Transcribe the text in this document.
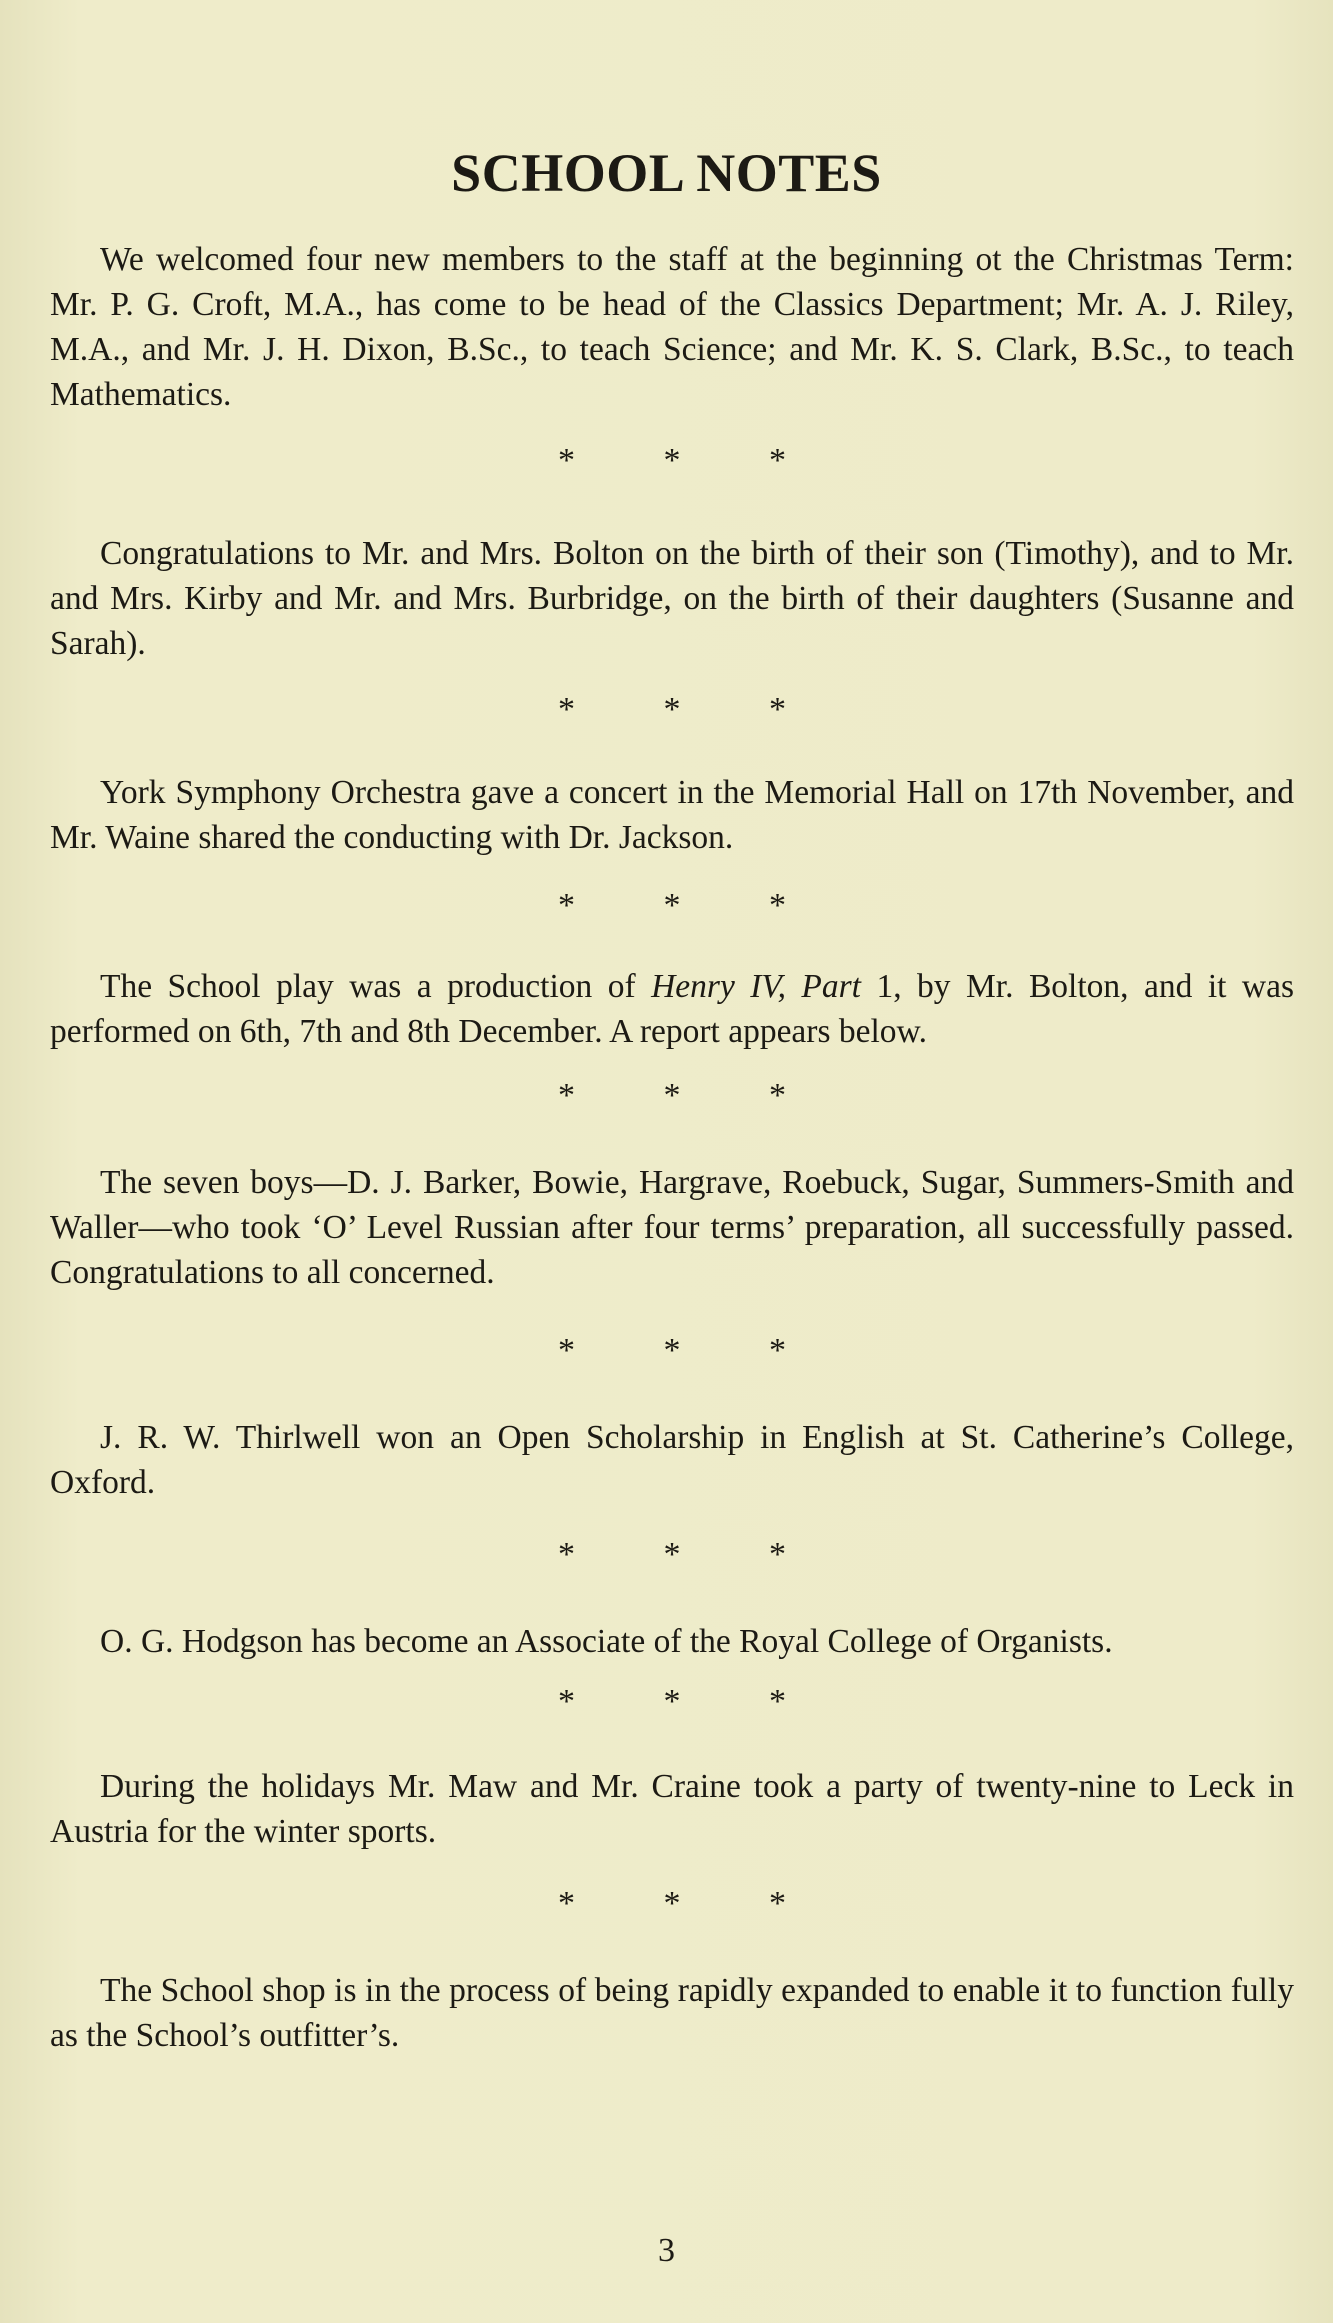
SCHOOL NOTES

We welcomed four new members to the staff at the beginning ot the Christmas Term: Mr. P. G. Croft, M.A., has come to be head of the Classics Department; Mr. A. J. Riley, M.A., and Mr. J. H. Dixon, B.Sc., to teach Science; and Mr. K. S. Clark, B.Sc., to teach Mathematics.

* * *

Congratulations to Mr. and Mrs. Bolton on the birth of their son (Timothy), and to Mr. and Mrs. Kirby and Mr. and Mrs. Burbridge, on the birth of their daughters (Susanne and Sarah).

* * *

York Symphony Orchestra gave a concert in the Memorial Hall on 17th November, and Mr. Waine shared the conducting with Dr. Jackson.

* * *

The School play was a production of Henry IV, Part 1, by Mr. Bolton, and it was performed on 6th, 7th and 8th December. A report appears below.

* * *

The seven boys—D. J. Barker, Bowie, Hargrave, Roebuck, Sugar, Summers-Smith and Waller—who took ‘O’ Level Russian after four terms’ preparation, all successfully passed. Congratulations to all concerned.

* * *

J. R. W. Thirlwell won an Open Scholarship in English at St. Catherine’s College, Oxford.

* * *

O. G. Hodgson has become an Associate of the Royal College of Organists.

* * *

During the holidays Mr. Maw and Mr. Craine took a party of twenty-nine to Leck in Austria for the winter sports.

* * *

The School shop is in the process of being rapidly expanded to enable it to function fully as the School’s outfitter’s.

3
